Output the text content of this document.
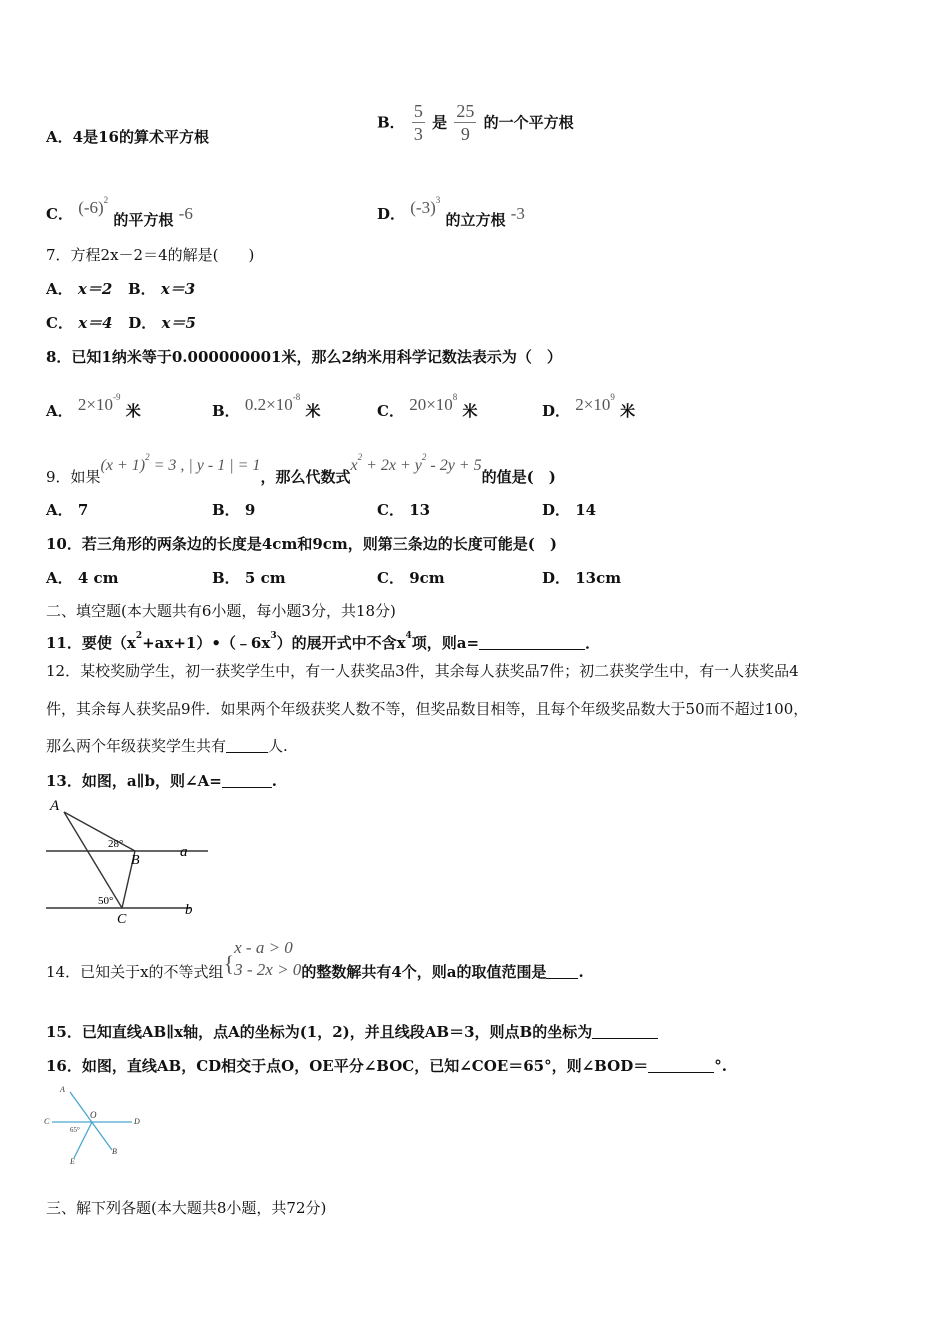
A．4是16的算术平方根
B． $\frac{5}{3}$ 是 $\frac{25}{9}$ 的一个平方根
C． $(-6)^2$ 的平方根 -6	D． $(-3)^3$ 的立方根 -3
7．方程2x－2＝4的解是(　　)
A． x＝2 B． x＝3
C． x＝4 D． x＝5
8．已知1纳米等于0.000000001米，那么2纳米用科学记数法表示为（　）
A． $2\times 10^{-9}$ 米	B． $0.2\times 10^{-8}$ 米	C． $20\times 10^8$ 米	D． $2\times 10^9$ 米
9．如果$(x + 1)^2 = 3$ , | y - 1 | = 1，那么代数式$x^2 + 2x + y^2 - 2y + 5$的值是(　)
A． 7	B． 9	C． 13	D． 14
10．若三角形的两条边的长度是4cm和9cm，则第三条边的长度可能是(　)
A． 4 cm	B． 5 cm	C． 9cm	D． 13cm
二、填空题(本大题共有6小题，每小题3分，共18分)
11．要使$(x^2+ax+1)•(﹣6x^3)$的展开式中不含$x^4$项，则a=	．
12．某校奖励学生，初一获奖学生中，有一人获奖品3件，其余每人获奖品7件；初二获奖学生中，有一人获奖品4
件，其余每人获奖品9件．如果两个年级获奖人数不等，但奖品数目相等，且每个年级奖品数大于50而不超过100，
那么两个年级获奖学生共有	人.
13．如图，a∥b，则∠A=	.
A
B
C
a
b
28°
50°
14．已知关于x的不等式组{
x - a > 0
3 - 2x > 0 的整数解共有4个，则a的取值范围是 .
15．已知直线AB∥x轴，点A的坐标为(1，2)，并且线段AB＝3，则点B的坐标为
16．如图，直线AB，CD相交于点O，OE平分∠BOC，已知∠COE＝65°，则∠BOD＝	°.
A
B
C	D
E
O
65°
三、解下列各题(本大题共8小题，共72分)
